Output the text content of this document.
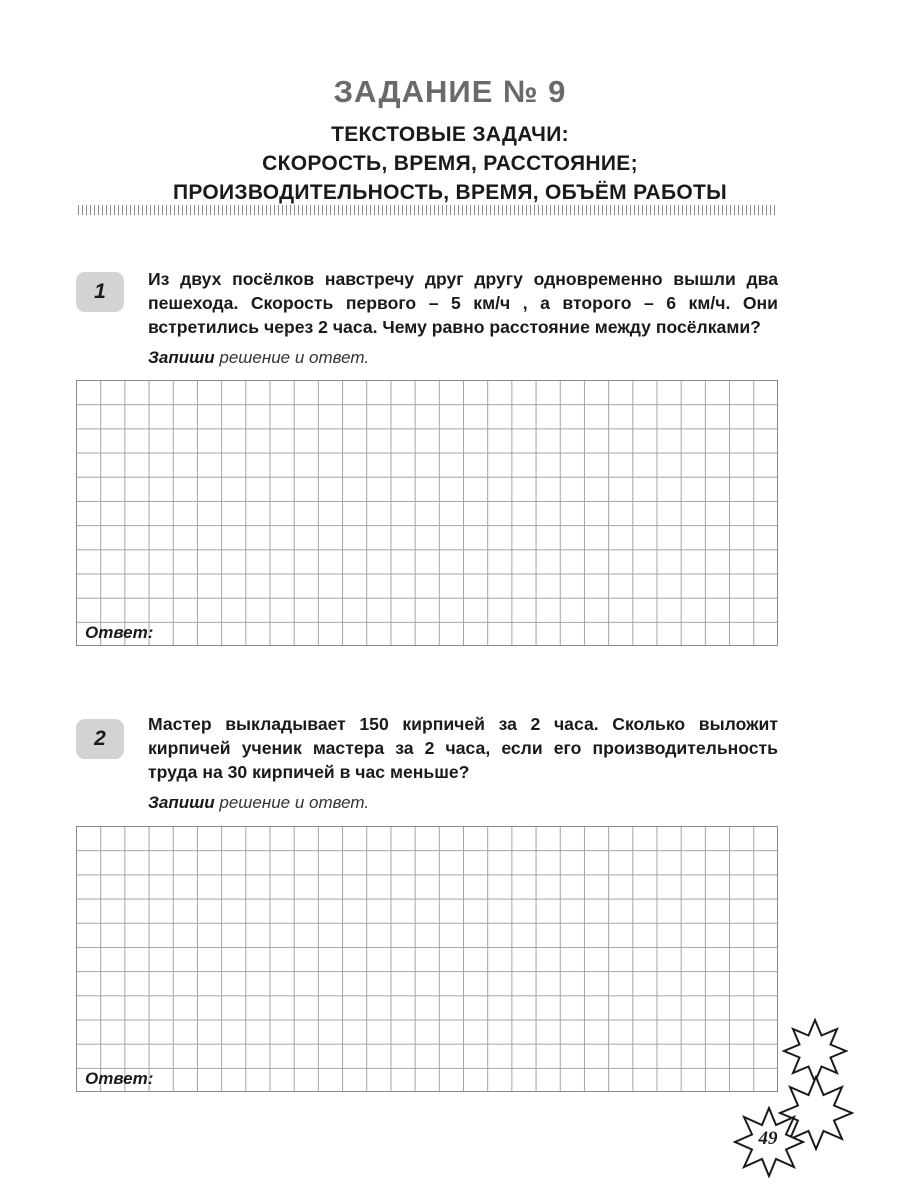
ЗАДАНИЕ № 9
ТЕКСТОВЫЕ ЗАДАЧИ:
СКОРОСТЬ, ВРЕМЯ, РАССТОЯНИЕ;
ПРОИЗВОДИТЕЛЬНОСТЬ, ВРЕМЯ, ОБЪЁМ РАБОТЫ
1

Из двух посёлков навстречу друг другу одновременно вышли два пешехода. Скорость первого – 5 км/ч , а второго – 6 км/ч. Они встретились через 2 часа. Чему равно расстояние между посёлками?

Запиши решение и ответ.
Ответ:
2

Мастер выкладывает 150 кирпичей за 2 часа. Сколько выложит кирпичей ученик мастера за 2 часа, если его производительность труда на 30 кирпичей в час меньше?

Запиши решение и ответ.
Ответ:
49
